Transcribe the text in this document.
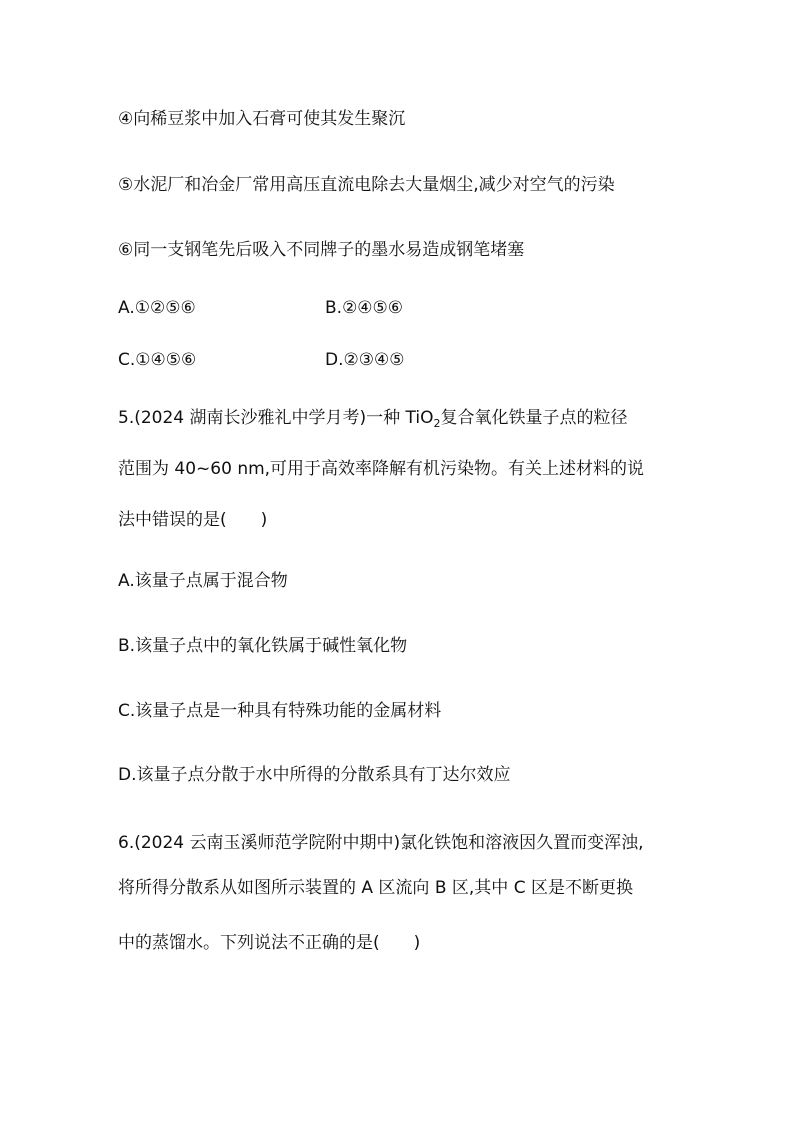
④向稀豆浆中加入石膏可使其发生聚沉
⑤水泥厂和冶金厂常用高压直流电除去大量烟尘,减少对空气的污染
⑥同一支钢笔先后吸入不同牌子的墨水易造成钢笔堵塞
A.①②⑤⑥	B.②④⑤⑥
C.①④⑤⑥	D.②③④⑤
5.(2024 湖南长沙雅礼中学月考)一种 TiO$_2$复合氧化铁量子点的粒径
范围为 40~60 nm,可用于高效率降解有机污染物。有关上述材料的说
法中错误的是( )
A.该量子点属于混合物
B.该量子点中的氧化铁属于碱性氧化物
C.该量子点是一种具有特殊功能的金属材料
D.该量子点分散于水中所得的分散系具有丁达尔效应
6.(2024 云南玉溪师范学院附中期中)氯化铁饱和溶液因久置而变浑浊,
将所得分散系从如图所示装置的 A 区流向 B 区,其中 C 区是不断更换
中的蒸馏水。下列说法不正确的是( )
